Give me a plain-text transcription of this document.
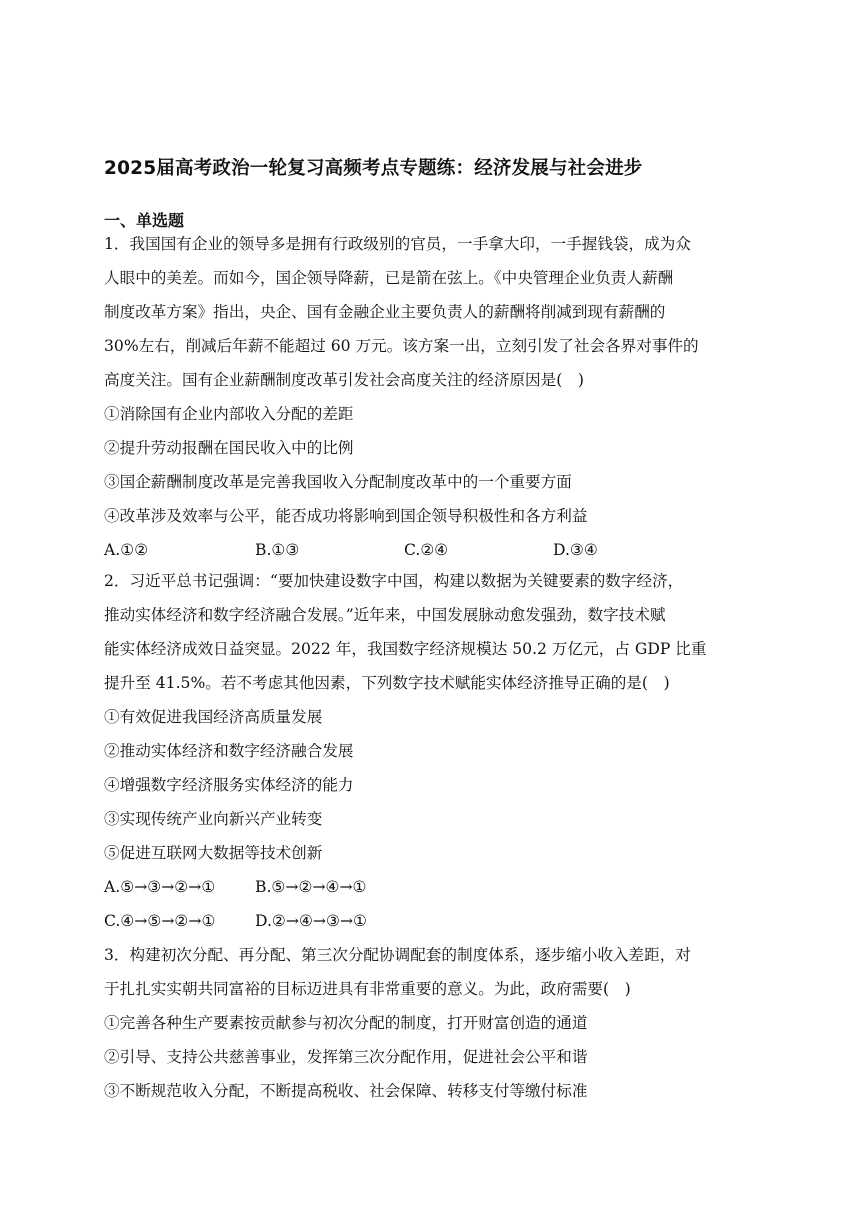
2025届高考政治一轮复习高频考点专题练：经济发展与社会进步
一、单选题
1．我国国有企业的领导多是拥有行政级别的官员，一手拿大印，一手握钱袋，成为众
人眼中的美差。而如今，国企领导降薪，已是箭在弦上。《中央管理企业负责人薪酬
制度改革方案》指出，央企、国有金融企业主要负责人的薪酬将削减到现有薪酬的
30%左右，削减后年薪不能超过 60 万元。该方案一出，立刻引发了社会各界对事件的
高度关注。国有企业薪酬制度改革引发社会高度关注的经济原因是(  )
①消除国有企业内部收入分配的差距
②提升劳动报酬在国民收入中的比例
③国企薪酬制度改革是完善我国收入分配制度改革中的一个重要方面
④改革涉及效率与公平，能否成功将影响到国企领导积极性和各方利益
A.①②	B.①③	C.②④	D.③④
2．习近平总书记强调：“要加快建设数字中国，构建以数据为关键要素的数字经济，
推动实体经济和数字经济融合发展。”近年来，中国发展脉动愈发强劲，数字技术赋
能实体经济成效日益突显。2022 年，我国数字经济规模达 50.2 万亿元，占 GDP 比重
提升至 41.5%。若不考虑其他因素，下列数字技术赋能实体经济推导正确的是(  )
①有效促进我国经济高质量发展
②推动实体经济和数字经济融合发展
④增强数字经济服务实体经济的能力
③实现传统产业向新兴产业转变
⑤促进互联网大数据等技术创新
A.⑤→③→②→①	B.⑤→②→④→①
C.④→⑤→②→①	D.②→④→③→①
3．构建初次分配、再分配、第三次分配协调配套的制度体系，逐步缩小收入差距，对
于扎扎实实朝共同富裕的目标迈进具有非常重要的意义。为此，政府需要(  )
①完善各种生产要素按贡献参与初次分配的制度，打开财富创造的通道
②引导、支持公共慈善事业，发挥第三次分配作用，促进社会公平和谐
③不断规范收入分配，不断提高税收、社会保障、转移支付等缴付标准
